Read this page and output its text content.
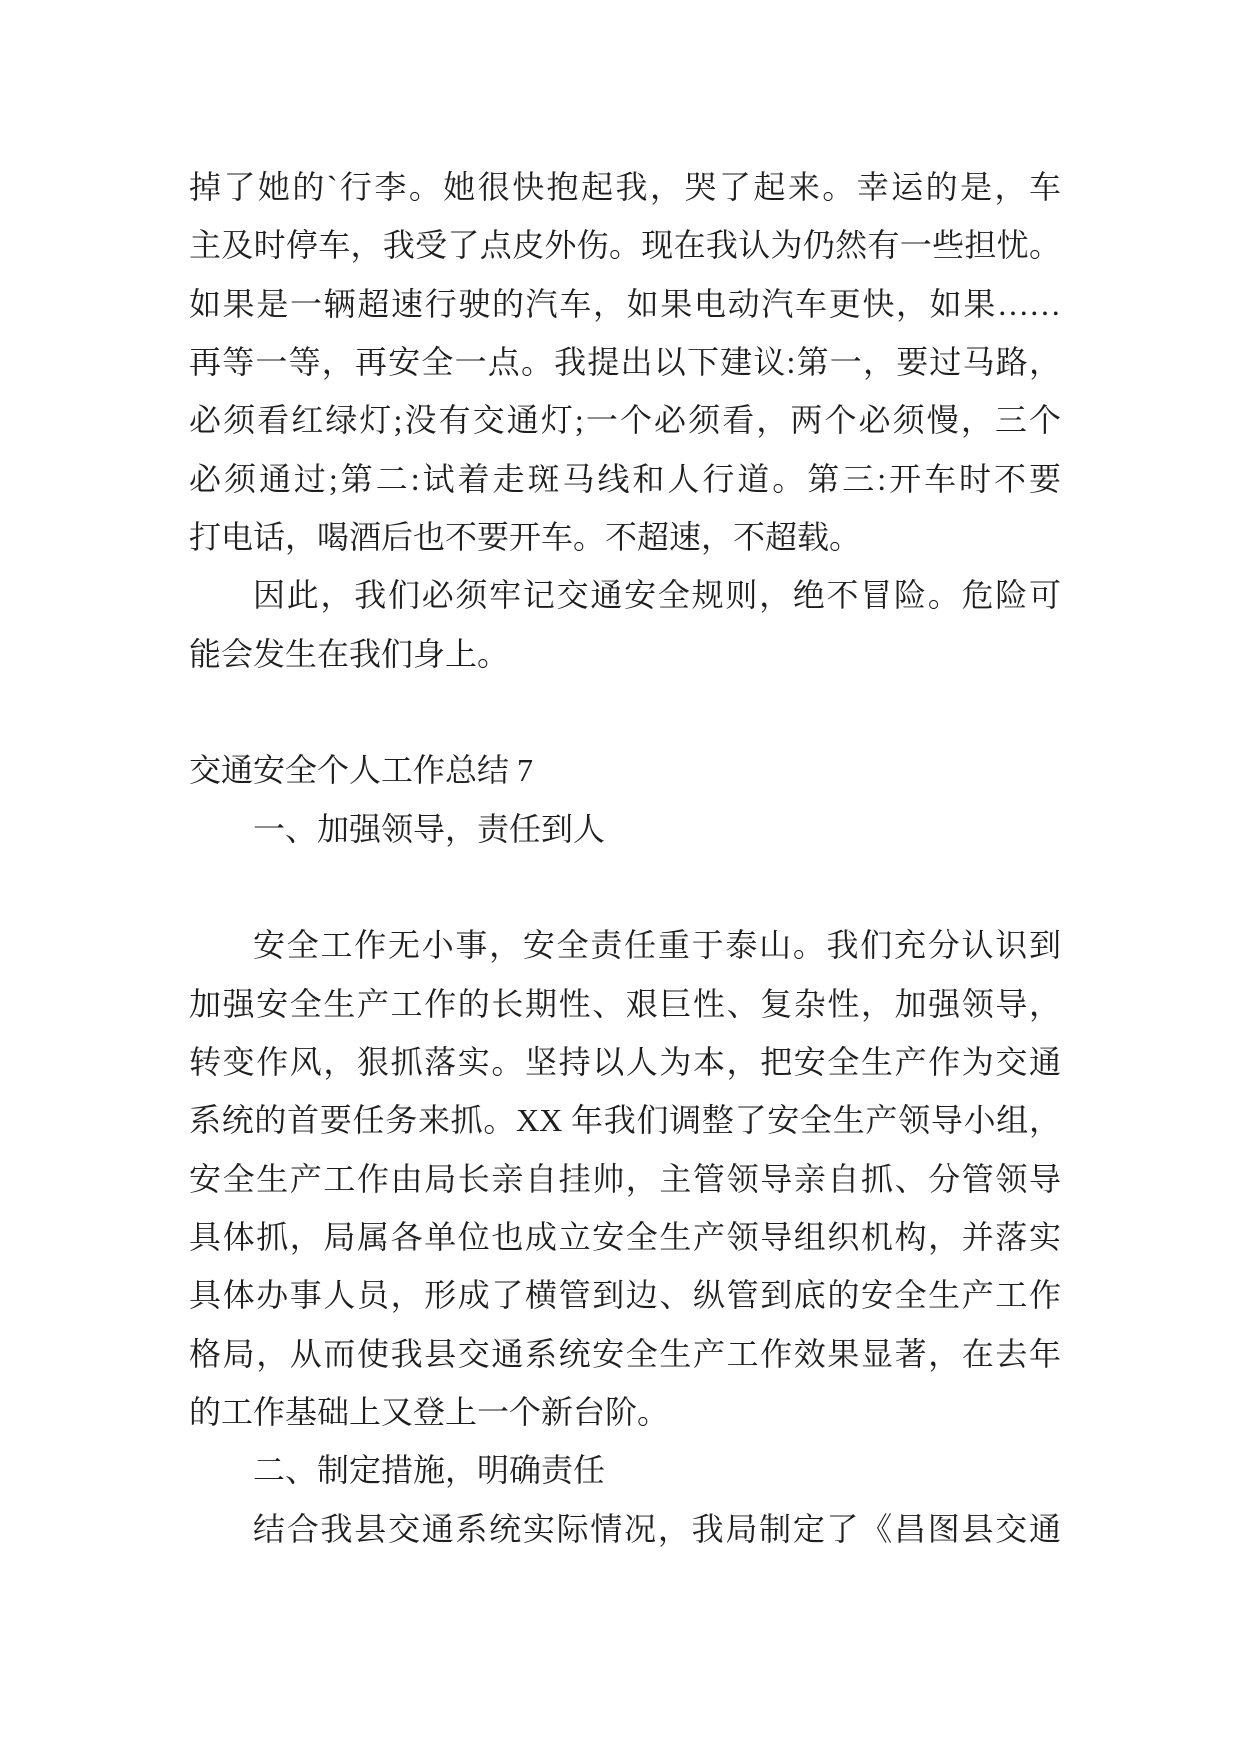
掉了她的`行李。她很快抱起我，哭了起来。幸运的是，车
主及时停车，我受了点皮外伤。现在我认为仍然有一些担忧。
如果是一辆超速行驶的汽车，如果电动汽车更快，如果……
再等一等，再安全一点。我提出以下建议:第一，要过马路，
必须看红绿灯;没有交通灯;一个必须看，两个必须慢，三个
必须通过;第二:试着走斑马线和人行道。第三:开车时不要
打电话，喝酒后也不要开车。不超速，不超载。
因此，我们必须牢记交通安全规则，绝不冒险。危险可
能会发生在我们身上。
交通安全个人工作总结 7
一、加强领导，责任到人
安全工作无小事，安全责任重于泰山。我们充分认识到
加强安全生产工作的长期性、艰巨性、复杂性，加强领导，
转变作风，狠抓落实。坚持以人为本，把安全生产作为交通
系统的首要任务来抓。XX 年我们调整了安全生产领导小组，
安全生产工作由局长亲自挂帅，主管领导亲自抓、分管领导
具体抓，局属各单位也成立安全生产领导组织机构，并落实
具体办事人员，形成了横管到边、纵管到底的安全生产工作
格局，从而使我县交通系统安全生产工作效果显著，在去年
的工作基础上又登上一个新台阶。
二、制定措施，明确责任
结合我县交通系统实际情况，我局制定了《昌图县交通
